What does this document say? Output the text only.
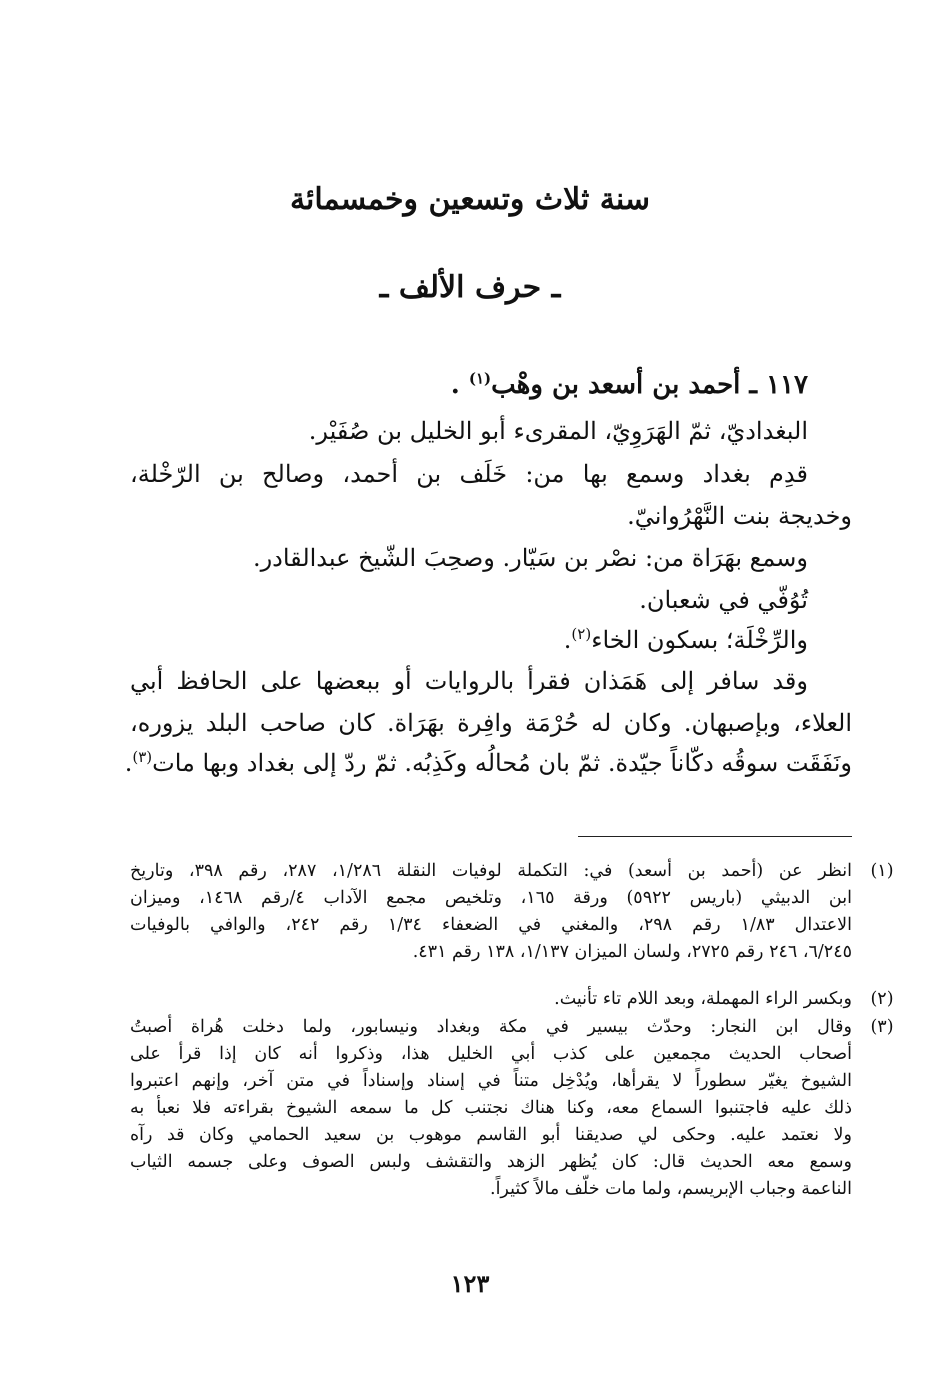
سنة ثلاث وتسعين وخمسمائة
ـ حرف الألف ـ
١١٧ ـ أحمد بن أسعد بن وهْب$^{(١)}$ .
البغداديّ، ثمّ الهَرَوِيّ، المقرىء أبو الخليل بن صُفَيْر.
قدِم بغداد وسمع بها من: خَلَف بن أحمد، وصالح بن الرّخْلة،
وخديجة بنت النَّهْرُوانيّ.
وسمع بهَرَاة من: نصْر بن سَيّار. وصحِبَ الشّيخ عبدالقادر.
تُوُفّي في شعبان.
والرِّخْلَة؛ بسكون الخاء$^{(٢)}$.
وقد سافر إلى هَمَذان فقرأ بالروايات أو ببعضها على الحافظ أبي
العلاء، وبإصبهان. وكان له حُرْمَة وافِرة بهَرَاة. كان صاحب البلد يزوره،
ونَفَقَت سوقُه دكّاناً جيّدة. ثمّ بان مُحالُه وكَذِبُه. ثمّ ردّ إلى بغداد وبها مات$^{(٣)}$.
(١)
انظر عن (أحمد بن أسعد) في: التكملة لوفيات النقلة ١/٢٨٦، ٢٨٧، رقم ٣٩٨، وتاريخ
ابن الدبيثي (باريس ٥٩٢٢) ورقة ١٦٥، وتلخيص مجمع الآداب ٤/رقم ١٤٦٨، وميزان
الاعتدال ١/٨٣ رقم ٢٩٨، والمغني في الضعفاء ١/٣٤ رقم ٢٤٢، والوافي بالوفيات
٦/٢٤٥، ٢٤٦ رقم ٢٧٢٥، ولسان الميزان ١/١٣٧، ١٣٨ رقم ٤٣١.
(٢)
وبكسر الراء المهملة، وبعد اللام تاء تأنيث.
(٣)
وقال ابن النجار: وحدّث بيسير في مكة وبغداد ونيسابور، ولما دخلت هُراة أصبتُ
أصحاب الحديث مجمعين على كذب أبي الخليل هذا، وذكروا أنه كان إذا قرأ على
الشيوخ يغيّر سطوراً لا يقرأها، ويُدْخِل متناً في إسناد وإسناداً في متن آخر، وإنهم اعتبروا
ذلك عليه فاجتنبوا السماع معه، وكنا هناك نجتنب كل ما سمعه الشيوخ بقراءته فلا نعبأ به
ولا نعتمد عليه. وحكى لي صديقنا أبو القاسم موهوب بن سعيد الحمامي وكان قد رآه
وسمع معه الحديث قال: كان يُظهر الزهد والتقشف ولبس الصوف وعلى جسمه الثياب
الناعمة وجباب الإبريسم، ولما مات خلّف مالاً كثيراً.
١٢٣
